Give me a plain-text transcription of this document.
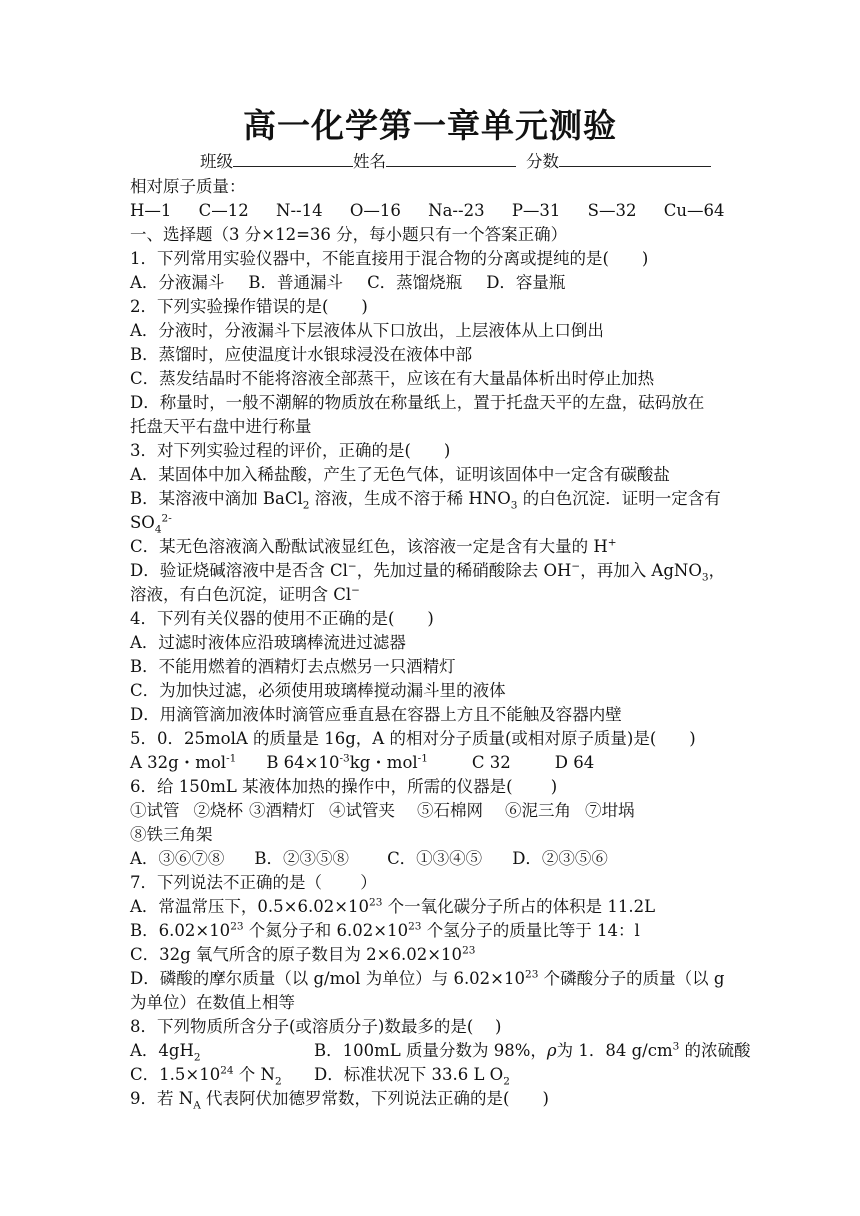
高一化学第一章单元测验
班级	姓名	分数
相对原子质量：
H—1 C—12 N--14 O—16 Na--23 P—31 S—32 Cu—64
一、选择题（3 分×12=36 分，每小题只有一个答案正确）
1．下列常用实验仪器中，不能直接用于混合物的分离或提纯的是(　　)
A．分液漏斗 B．普通漏斗 C．蒸馏烧瓶 D．容量瓶
2．下列实验操作错误的是(　　)
A．分液时，分液漏斗下层液体从下口放出，上层液体从上口倒出
B．蒸馏时，应使温度计水银球浸没在液体中部
C．蒸发结晶时不能将溶液全部蒸干，应该在有大量晶体析出时停止加热
D．称量时，一般不潮解的物质放在称量纸上，置于托盘天平的左盘，砝码放在
托盘天平右盘中进行称量
3．对下列实验过程的评价，正确的是(　　)
A．某固体中加入稀盐酸，产生了无色气体，证明该固体中一定含有碳酸盐
B．某溶液中滴加 BaCl$_2$ 溶液，生成不溶于稀 $HNO_3$ 的白色沉淀．证明一定含有
$SO_4^{2-}$
C．某无色溶液滴入酚酞试液显红色，该溶液一定是含有大量的 H+
D．验证烧碱溶液中是否含 Cl−，先加过量的稀硝酸除去 OH−，再加入 AgNO$_3$，
溶液，有白色沉淀，证明含 Cl−
4．下列有关仪器的使用不正确的是(　　)
A．过滤时液体应沿玻璃棒流进过滤器
B．不能用燃着的酒精灯去点燃另一只酒精灯
C．为加快过滤，必须使用玻璃棒搅动漏斗里的液体
D．用滴管滴加液体时滴管应垂直悬在容器上方且不能触及容器内壁
5．0．25molA 的质量是 16g，A 的相对分子质量(或相对原子质量)是(　　)
A 32g・mol$^{-1}$ B $64\times 10^{-3}kg$・mol$^{-1}$	C 32	D 64
6．给 150mL 某液体加热的操作中，所需的仪器是(　　 )
①试管 ②烧杯 ③酒精灯 ④试管夹 ⑤石棉网 ⑥泥三角 ⑦坩埚
⑧铁三角架
A．③⑥⑦⑧ B．②③⑤⑧ C．①③④⑤ D．②③⑤⑥
7．下列说法不正确的是（　　 ）
A．常温常压下，$0.5\times 6.02\times 10^{23}$ 个一氧化碳分子所占的体积是 11.2L
B．$6.02\times 10^{23}$ 个氮分子和 $6.02\times 10^{23}$ 个氢分子的质量比等于 14：l
C．32g 氧气所含的原子数目为 $2\times 6.02\times 10^{23}$
D．磷酸的摩尔质量（以 g/mol 为单位）与 $6.02\times 10^{23}$ 个磷酸分子的质量（以 g
为单位）在数值上相等
8．下列物质所含分子(或溶质分子)数最多的是(　 )
A．$4gH_2$	B．100mL 质量分数为 98%，ρ为 1．84 $g/cm^3$ 的浓硫酸
C．$1.5\times 10^{24}$ 个 $N_2$ D．标准状况下 33.6 L $O_2$
9．若 $N_A$ 代表阿伏加德罗常数，下列说法正确的是(　　)
